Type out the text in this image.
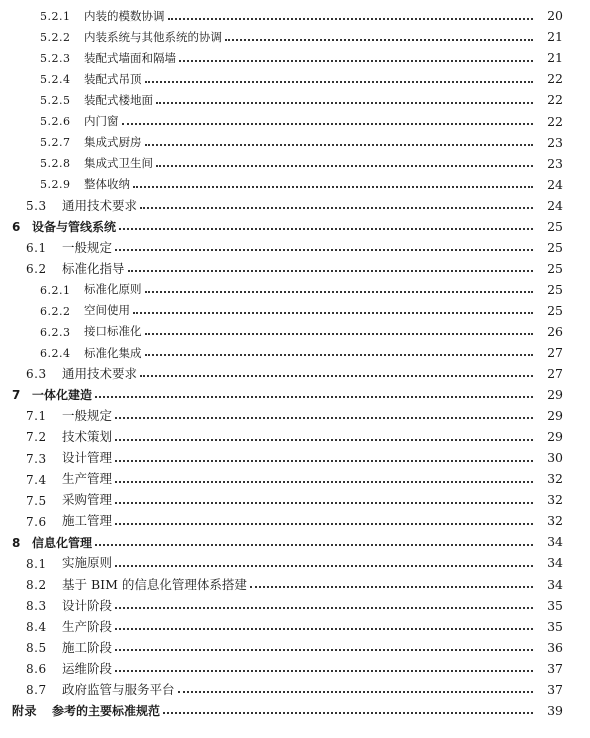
5.2.1	内装的模数协调	20
5.2.2	内装系统与其他系统的协调	21
5.2.3	装配式墙面和隔墙	21
5.2.4	装配式吊顶	22
5.2.5	装配式楼地面	22
5.2.6	内门窗	22
5.2.7	集成式厨房	23
5.2.8	集成式卫生间	23
5.2.9	整体收纳	24
5.3	通用技术要求	24
6 设备与管线系统	25
6.1	一般规定	25
6.2	标准化指导	25
6.2.1	标准化原则	25
6.2.2	空间使用	25
6.2.3	接口标准化	26
6.2.4	标准化集成	27
6.3	通用技术要求	27
7 一体化建造	29
7.1	一般规定	29
7.2	技术策划	29
7.3	设计管理	30
7.4	生产管理	32
7.5	采购管理	32
7.6	施工管理	32
8 信息化管理	34
8.1	实施原则	34
8.2	基于 BIM 的信息化管理体系搭建	34
8.3	设计阶段	35
8.4	生产阶段	35
8.5	施工阶段	36
8.6	运维阶段	37
8.7	政府监管与服务平台	37
附录	参考的主要标准规范	39
